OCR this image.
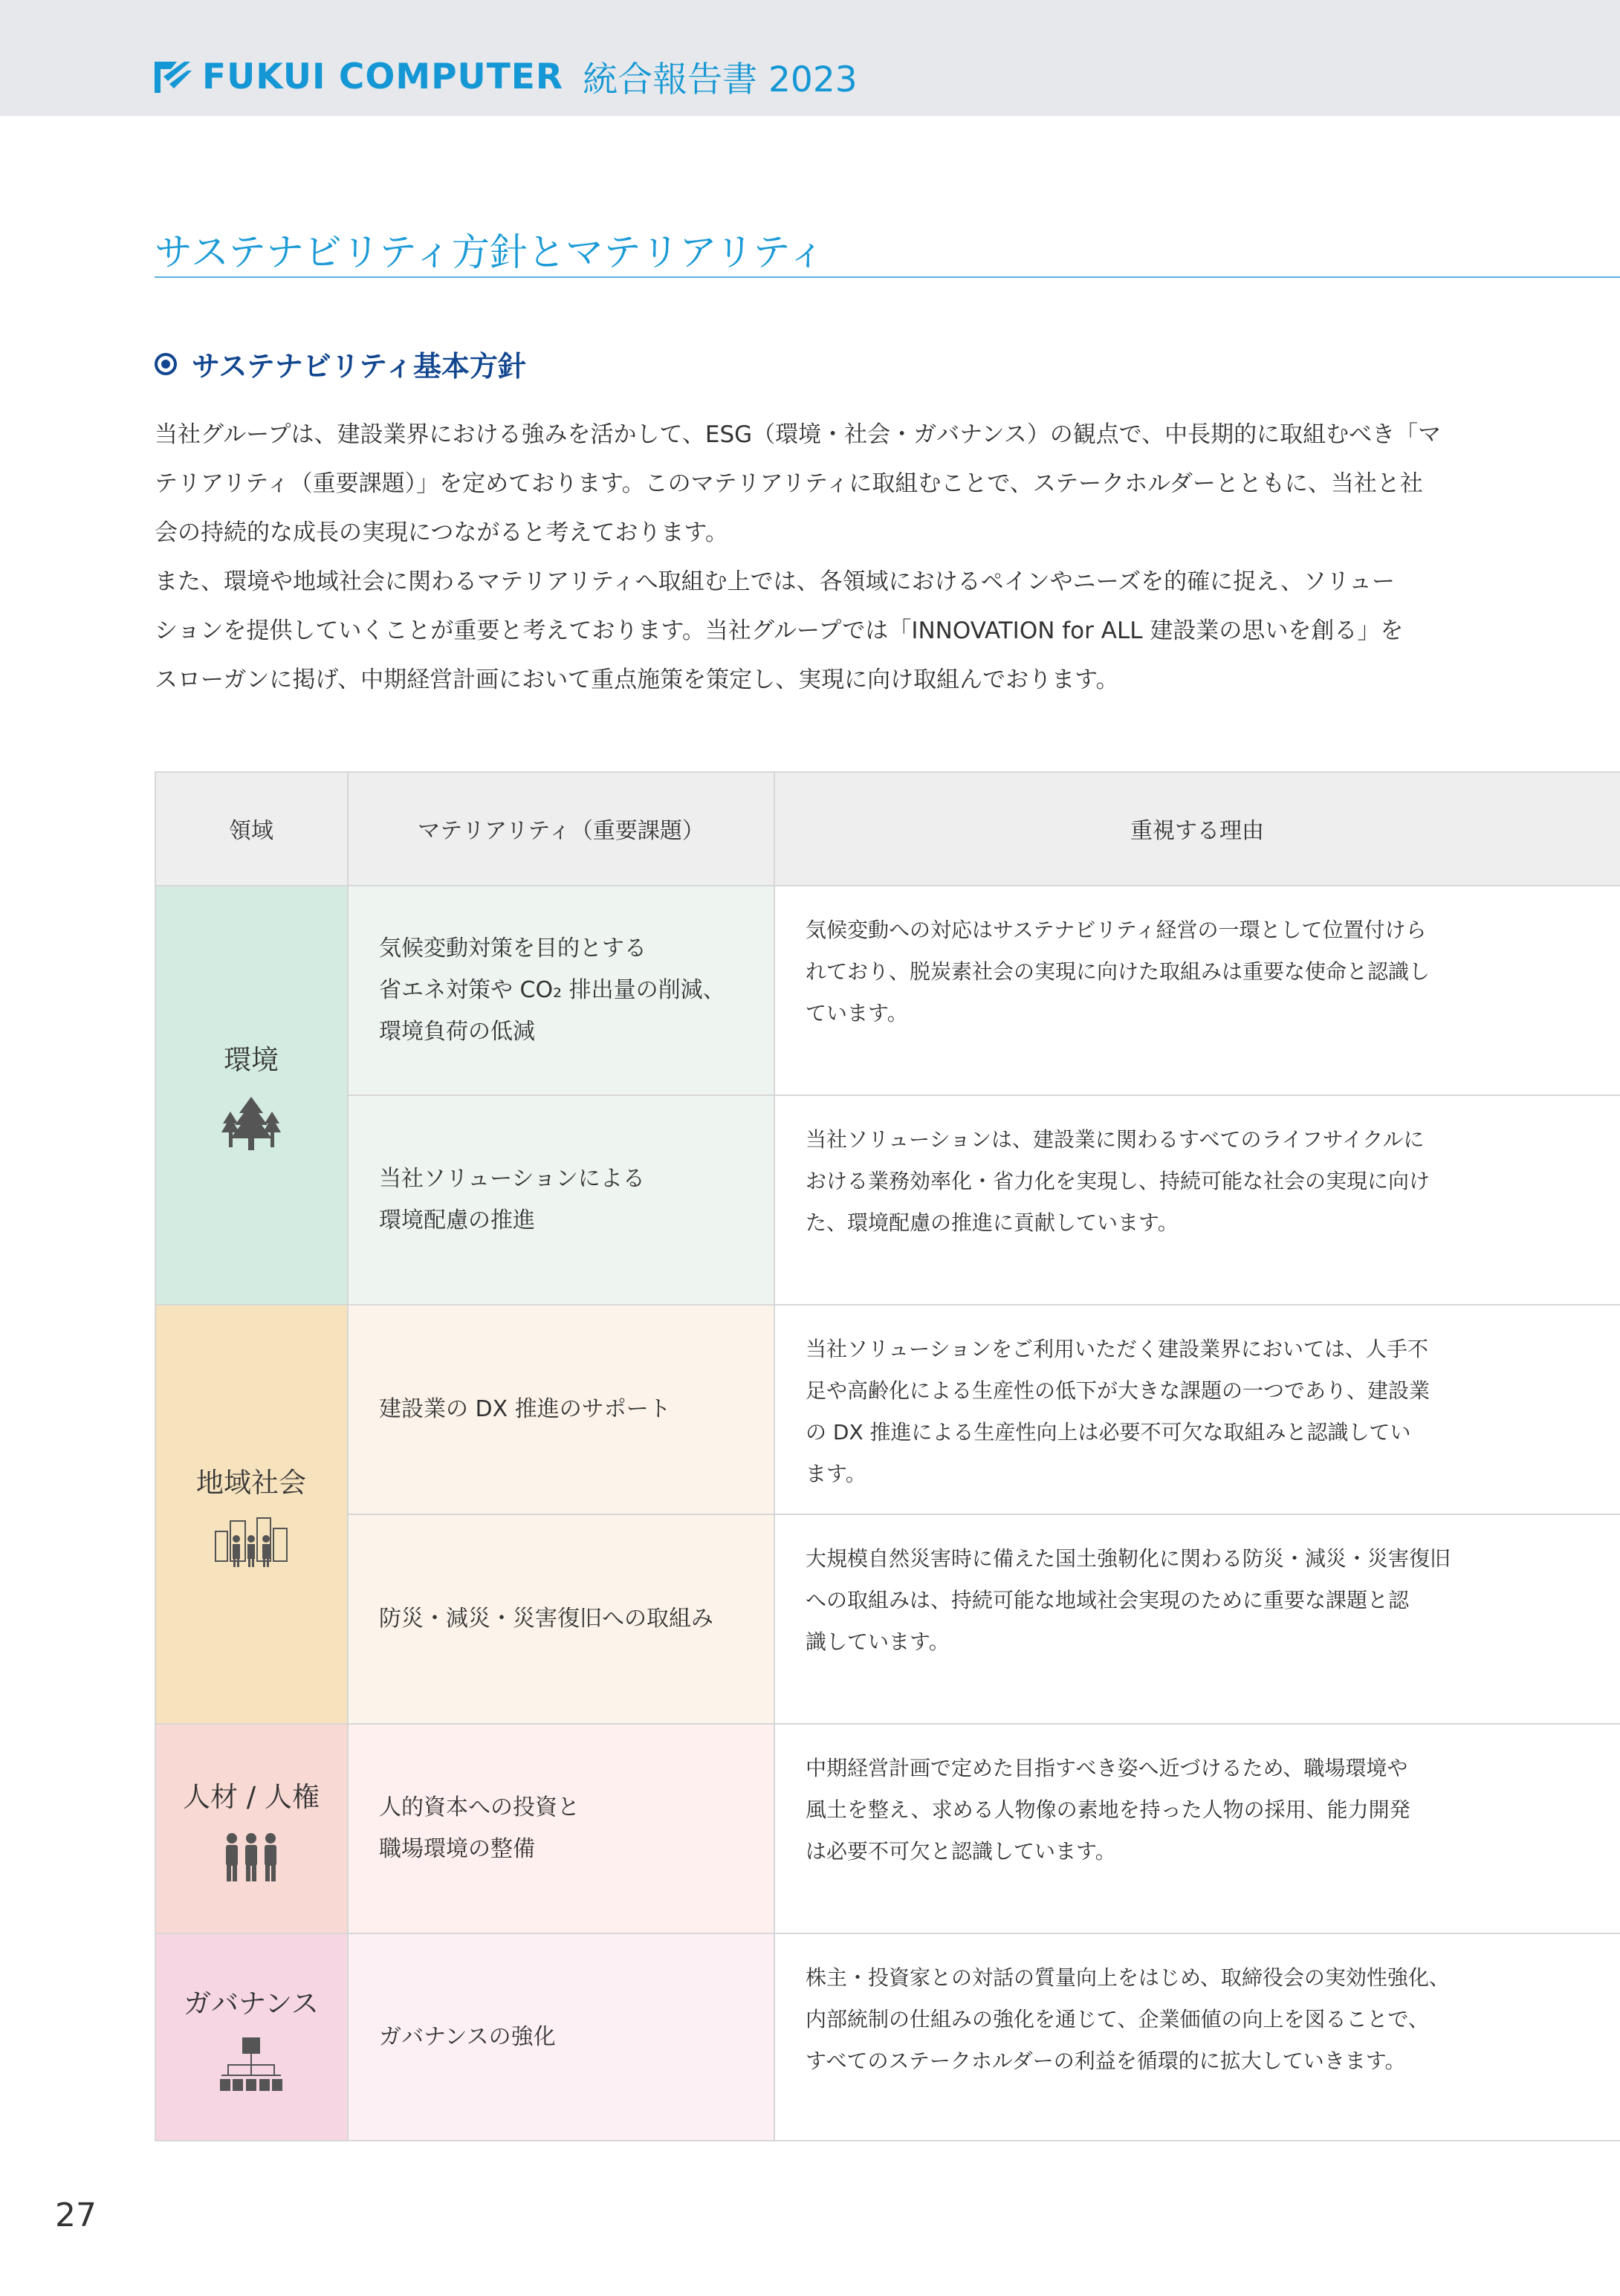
FUKUI COMPUTER 統合報告書 2023
サステナビリティ方針とマテリアリティ
サステナビリティ基本方針

当社グループは、建設業界における強みを活かして、ESG（環境・社会・ガバナンス）の観点で、中長期的に取組むべき「マ

テリアリティ（重要課題）」を定めております。このマテリアリティに取組むことで、ステークホルダーとともに、当社と社

会の持続的な成長の実現につながると考えております。

また、環境や地域社会に関わるマテリアリティへ取組む上では、各領域におけるペインやニーズを的確に捉え、ソリュー

ションを提供していくことが重要と考えております。当社グループでは「INNOVATION for ALL 建設業の思いを創る」を

スローガンに掲げ、中期経営計画において重点施策を策定し、実現に向け取組んでおります。

領域	マテリアリティ（重要課題）	重視する理由
環境
地域社会
人材 / 人権
ガバナンス
気候変動対策を目的とする
省エネ対策や CO₂ 排出量の削減、
環境負荷の低減
当社ソリューションによる
環境配慮の推進
建設業の DX 推進のサポート
防災・減災・災害復旧への取組み
人的資本への投資と
職場環境の整備
ガバナンスの強化
気候変動への対応はサステナビリティ経営の一環として位置付けら
れており、脱炭素社会の実現に向けた取組みは重要な使命と認識し
ています。
当社ソリューションは、建設業に関わるすべてのライフサイクルに
おける業務効率化・省力化を実現し、持続可能な社会の実現に向け
た、環境配慮の推進に貢献しています。
当社ソリューションをご利用いただく建設業界においては、人手不
足や高齢化による生産性の低下が大きな課題の一つであり、建設業
の DX 推進による生産性向上は必要不可欠な取組みと認識してい
ます。
大規模自然災害時に備えた国土強靭化に関わる防災・減災・災害復旧
への取組みは、持続可能な地域社会実現のために重要な課題と認
識しています。
中期経営計画で定めた目指すべき姿へ近づけるため、職場環境や
風土を整え、求める人物像の素地を持った人物の採用、能力開発
は必要不可欠と認識しています。
株主・投資家との対話の質量向上をはじめ、取締役会の実効性強化、
内部統制の仕組みの強化を通じて、企業価値の向上を図ることで、
すべてのステークホルダーの利益を循環的に拡大していきます。
27
